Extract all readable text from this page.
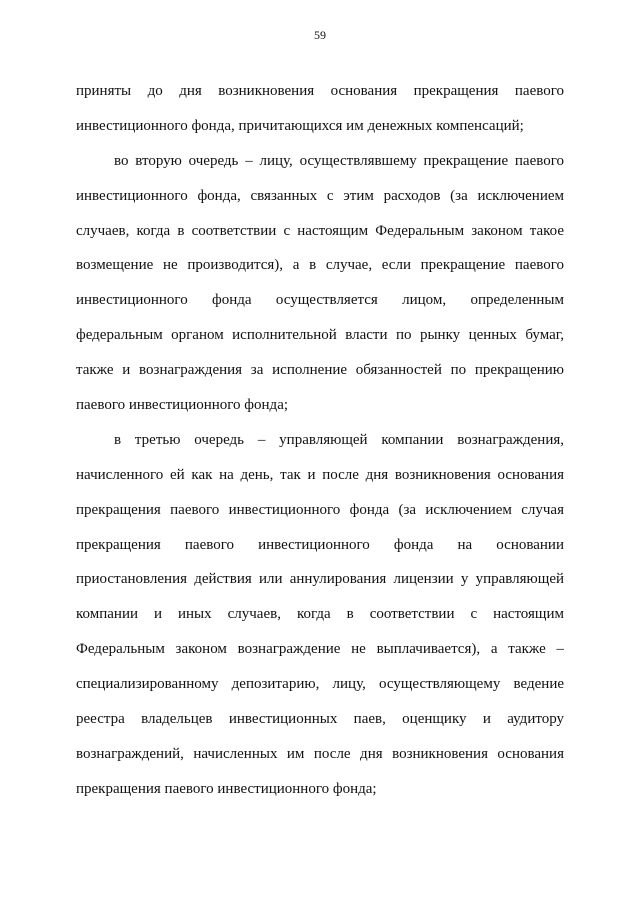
59
приняты до дня возникновения основания прекращения паевого
инвестиционного фонда, причитающихся им денежных компенсаций;
во вторую очередь – лицу, осуществлявшему прекращение паевого
инвестиционного фонда, связанных с этим расходов (за исключением
случаев, когда в соответствии с настоящим Федеральным законом такое
возмещение не производится), а в случае, если прекращение паевого
инвестиционного фонда осуществляется лицом, определенным
федеральным органом исполнительной власти по рынку ценных бумаг,
также и вознаграждения за исполнение обязанностей по прекращению
паевого инвестиционного фонда;
в третью очередь – управляющей компании вознаграждения,
начисленного ей как на день, так и после дня возникновения основания
прекращения паевого инвестиционного фонда (за исключением случая
прекращения паевого инвестиционного фонда на основании
приостановления действия или аннулирования лицензии у управляющей
компании и иных случаев, когда в соответствии с настоящим
Федеральным законом вознаграждение не выплачивается), а также –
специализированному депозитарию, лицу, осуществляющему ведение
реестра владельцев инвестиционных паев, оценщику и аудитору
вознаграждений, начисленных им после дня возникновения основания
прекращения паевого инвестиционного фонда;
